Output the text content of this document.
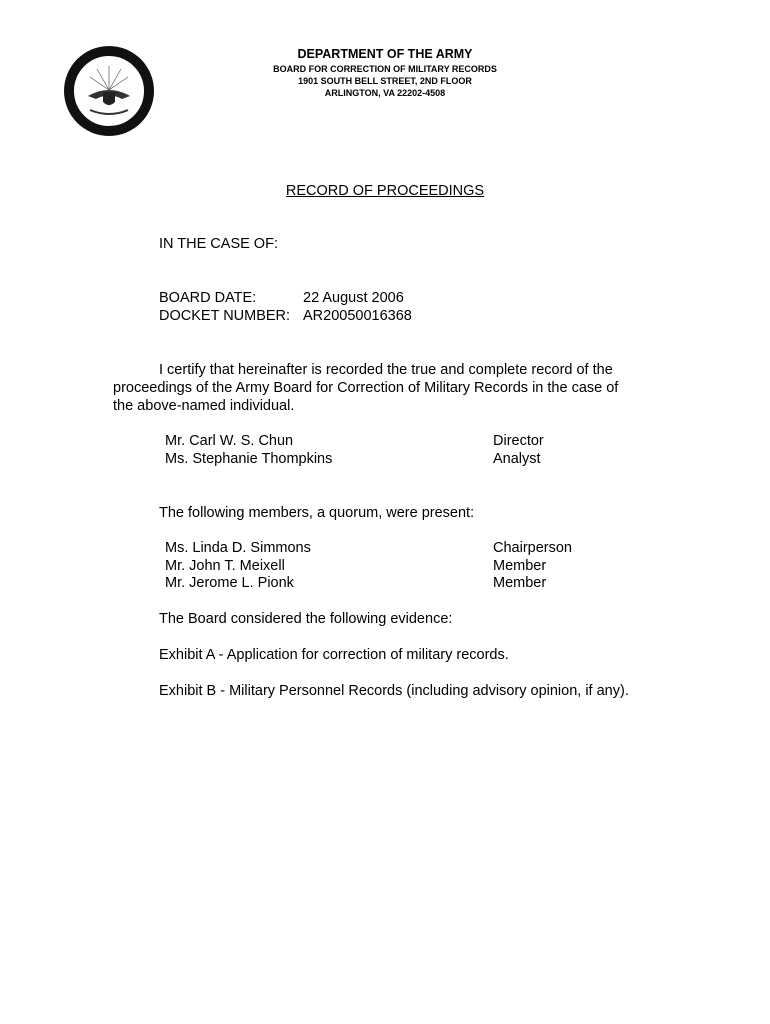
DEPARTMENT OF THE ARMY
BOARD FOR CORRECTION OF MILITARY RECORDS
1901 SOUTH BELL STREET, 2ND FLOOR
ARLINGTON, VA 22202-4508
RECORD OF PROCEEDINGS
IN THE CASE OF:
BOARD DATE:	22 August 2006
DOCKET NUMBER: AR20050016368
I certify that hereinafter is recorded the true and complete record of the
proceedings of the Army Board for Correction of Military Records in the case of
the above-named individual.
Mr. Carl W. S. Chun	Director
Ms. Stephanie Thompkins	Analyst
The following members, a quorum, were present:
Ms. Linda D. Simmons	Chairperson
Mr. John T. Meixell	Member
Mr. Jerome L. Pionk	Member
The Board considered the following evidence:
Exhibit A - Application for correction of military records.
Exhibit B - Military Personnel Records (including advisory opinion, if any).
